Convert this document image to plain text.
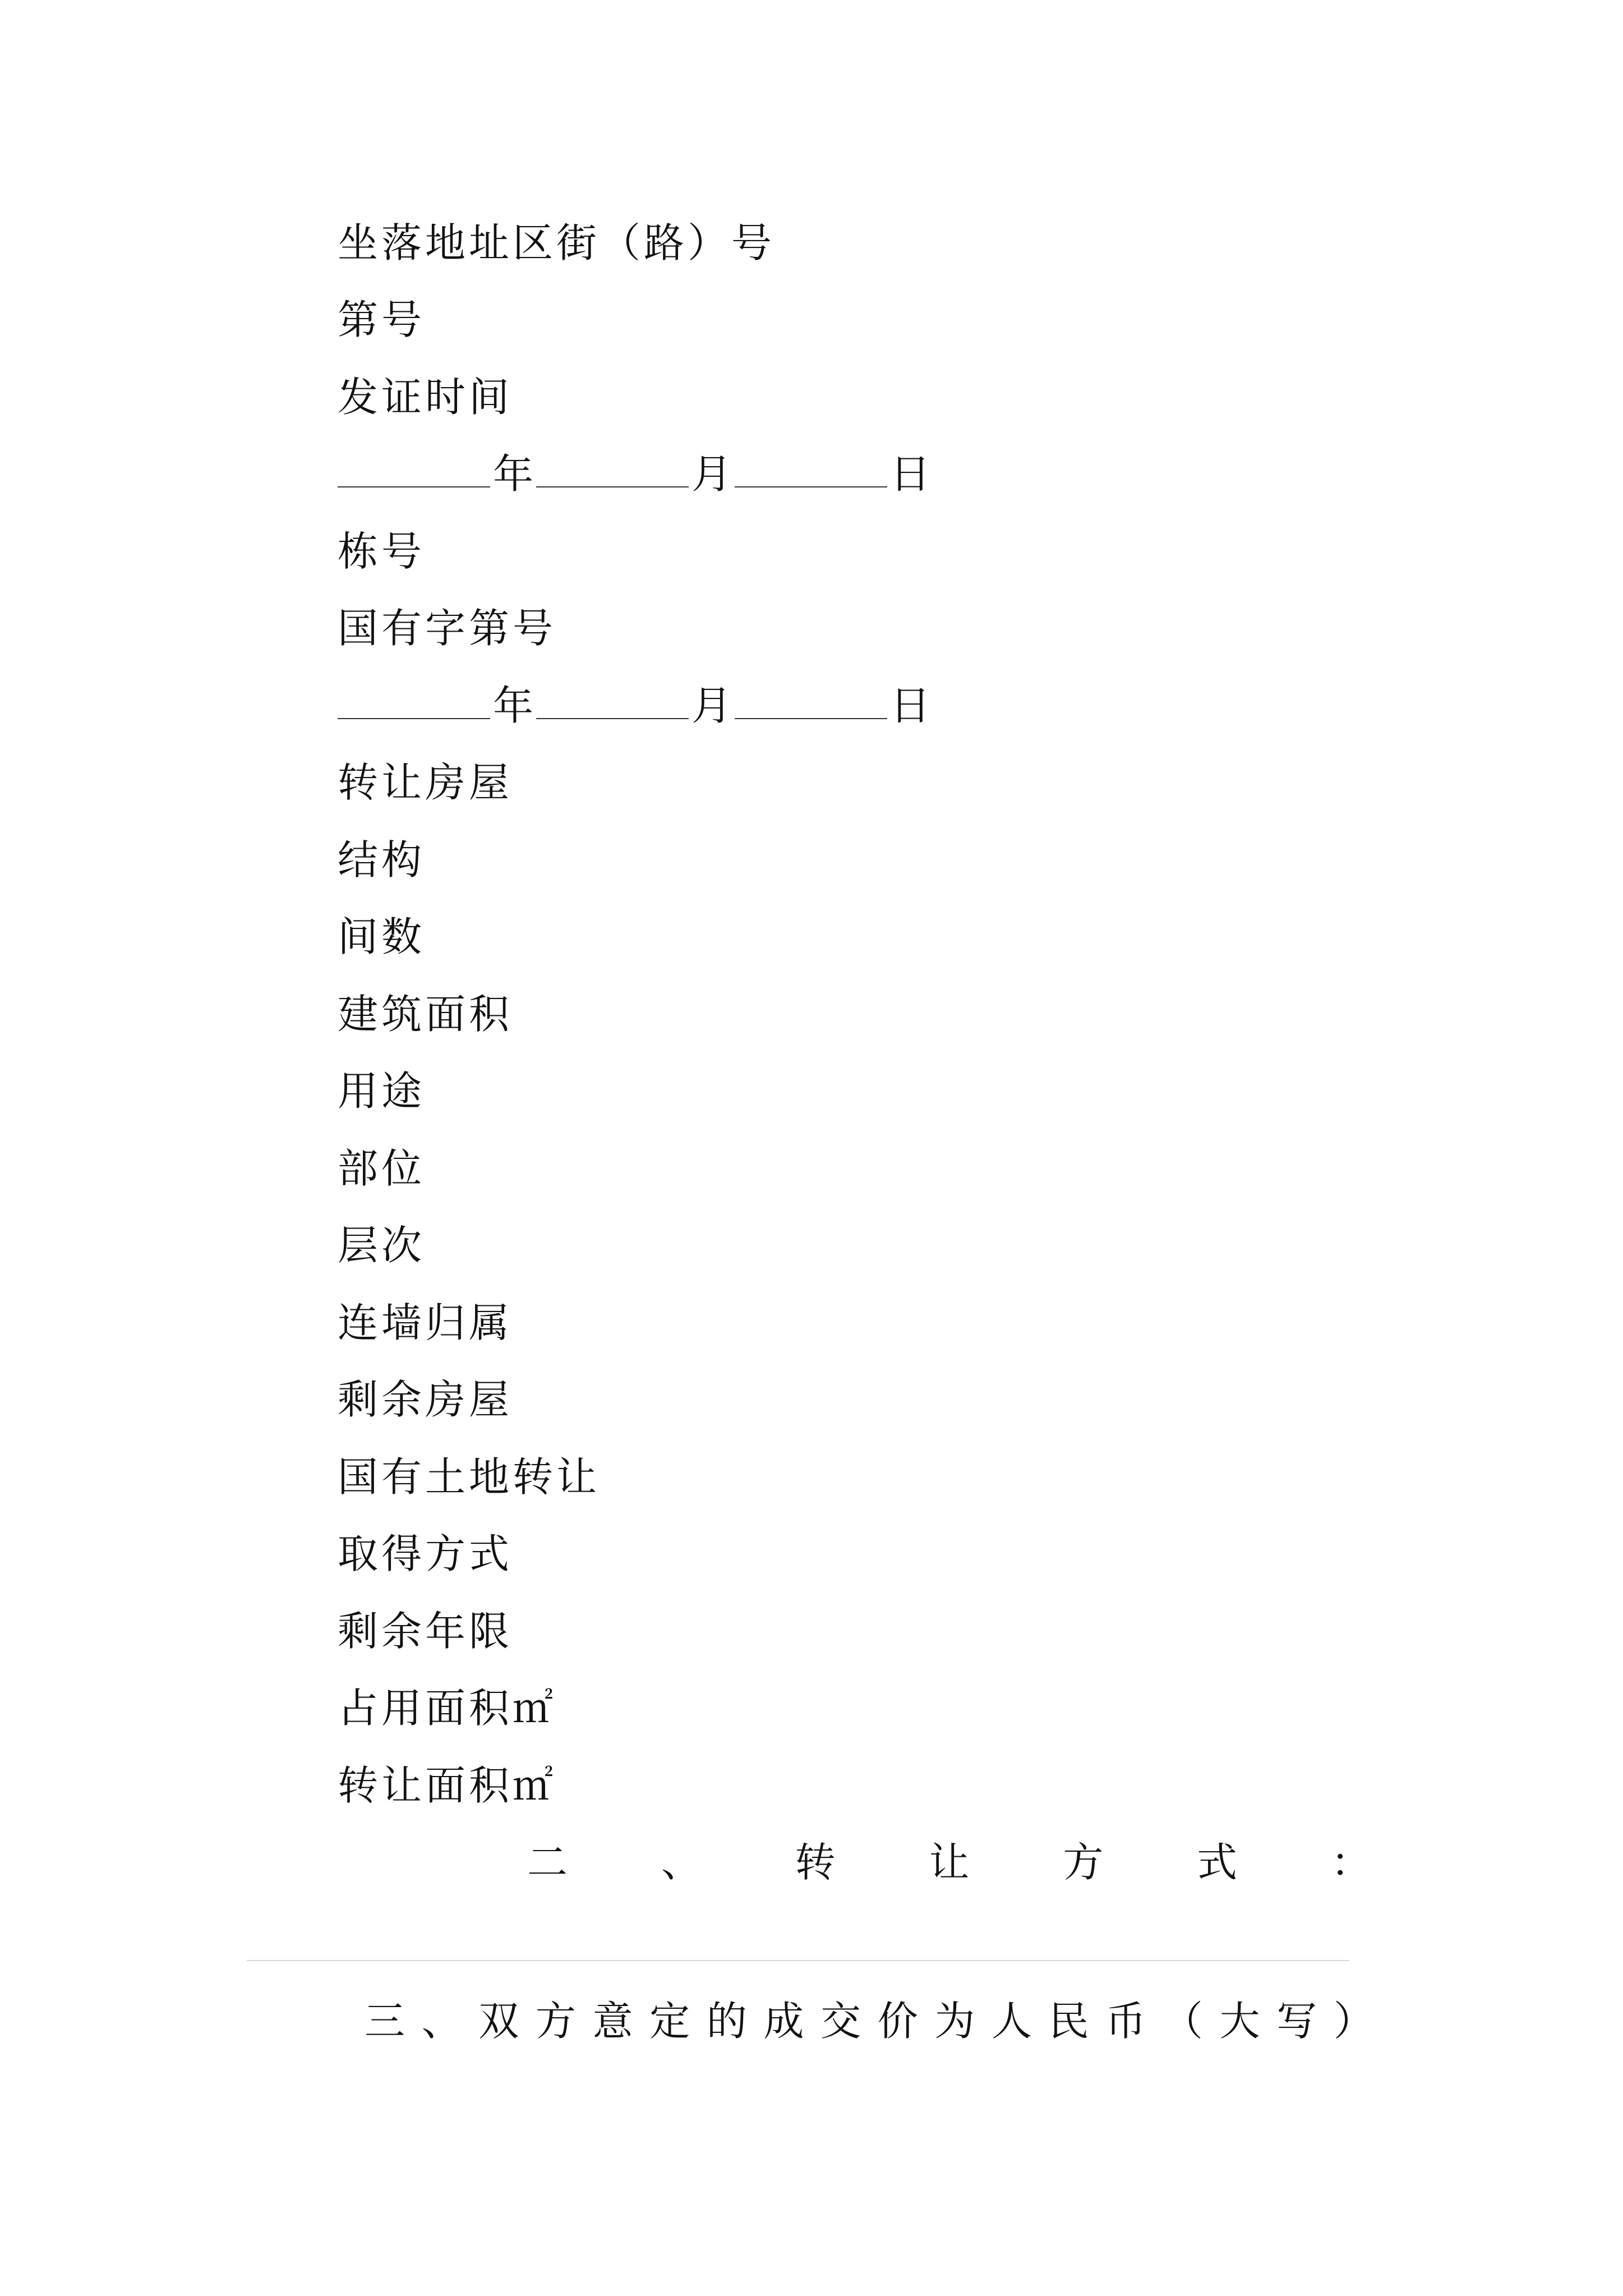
坐落地址区街（路）号
第号
发证时间
年	月	日
栋号
国有字第号
年	月	日
转让房屋
结构
间数
建筑面积
用途
部位
层次
连墙归属
剩余房屋
国有土地转让
取得方式
剩余年限
占用面积㎡
转让面积㎡
二 、 转 让 方 式 ：
三 、 双 方 意 定 的 成 交 价 为 人 民 币 （ 大 写 ）
